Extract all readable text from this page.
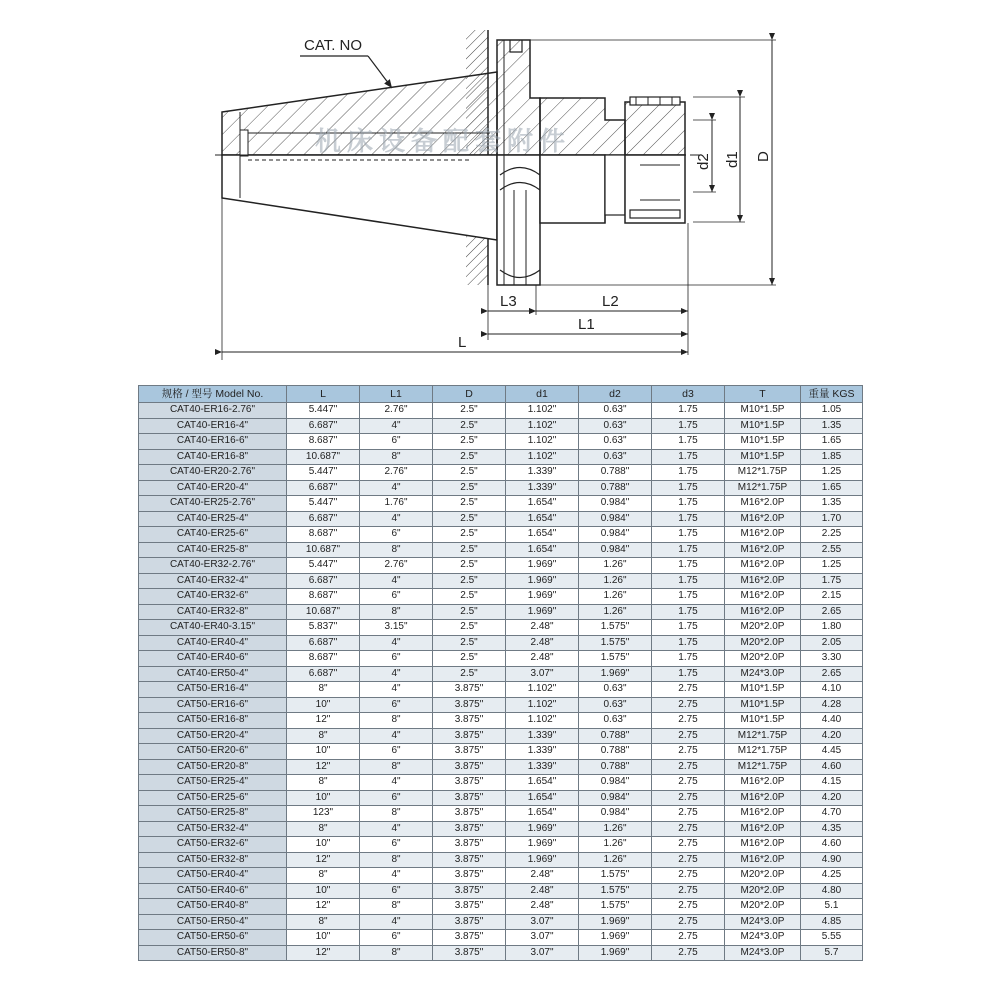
CAT. NO
机床设备配套附件
d2 d1 D
L3	L2
L1
L
规格 / 型号 Model No.	L	L1	D	d1	d2	d3	T	重量 KGS
CAT40-ER16-2.76"	5.447"	2.76"	2.5"	1.102"	0.63"	1.75	M10*1.5P	1.05
CAT40-ER16-4"	6.687"	4"	2.5"	1.102"	0.63"	1.75	M10*1.5P	1.35
CAT40-ER16-6"	8.687"	6"	2.5"	1.102"	0.63"	1.75	M10*1.5P	1.65
CAT40-ER16-8"	10.687"	8"	2.5"	1.102"	0.63"	1.75	M10*1.5P	1.85
CAT40-ER20-2.76"	5.447"	2.76"	2.5"	1.339"	0.788"	1.75	M12*1.75P	1.25
CAT40-ER20-4"	6.687"	4"	2.5"	1.339"	0.788"	1.75	M12*1.75P	1.65
CAT40-ER25-2.76"	5.447"	1.76"	2.5"	1.654"	0.984"	1.75	M16*2.0P	1.35
CAT40-ER25-4"	6.687"	4"	2.5"	1.654"	0.984"	1.75	M16*2.0P	1.70
CAT40-ER25-6"	8.687"	6"	2.5"	1.654"	0.984"	1.75	M16*2.0P	2.25
CAT40-ER25-8"	10.687"	8"	2.5"	1.654"	0.984"	1.75	M16*2.0P	2.55
CAT40-ER32-2.76"	5.447"	2.76"	2.5"	1.969"	1.26"	1.75	M16*2.0P	1.25
CAT40-ER32-4"	6.687"	4"	2.5"	1.969"	1.26"	1.75	M16*2.0P	1.75
CAT40-ER32-6"	8.687"	6"	2.5"	1.969"	1.26"	1.75	M16*2.0P	2.15
CAT40-ER32-8"	10.687"	8"	2.5"	1.969"	1.26"	1.75	M16*2.0P	2.65
CAT40-ER40-3.15"	5.837"	3.15"	2.5"	2.48"	1.575"	1.75	M20*2.0P	1.80
CAT40-ER40-4"	6.687"	4"	2.5"	2.48"	1.575"	1.75	M20*2.0P	2.05
CAT40-ER40-6"	8.687"	6"	2.5"	2.48"	1.575"	1.75	M20*2.0P	3.30
CAT40-ER50-4"	6.687"	4"	2.5"	3.07"	1.969"	1.75	M24*3.0P	2.65
CAT50-ER16-4"	8"	4"	3.875"	1.102"	0.63"	2.75	M10*1.5P	4.10
CAT50-ER16-6"	10"	6"	3.875"	1.102"	0.63"	2.75	M10*1.5P	4.28
CAT50-ER16-8"	12"	8"	3.875"	1.102"	0.63"	2.75	M10*1.5P	4.40
CAT50-ER20-4"	8"	4"	3.875"	1.339"	0.788"	2.75	M12*1.75P	4.20
CAT50-ER20-6"	10"	6"	3.875"	1.339"	0.788"	2.75	M12*1.75P	4.45
CAT50-ER20-8"	12"	8"	3.875"	1.339"	0.788"	2.75	M12*1.75P	4.60
CAT50-ER25-4"	8"	4"	3.875"	1.654"	0.984"	2.75	M16*2.0P	4.15
CAT50-ER25-6"	10"	6"	3.875"	1.654"	0.984"	2.75	M16*2.0P	4.20
CAT50-ER25-8"	123"	8"	3.875"	1.654"	0.984"	2.75	M16*2.0P	4.70
CAT50-ER32-4"	8"	4"	3.875"	1.969"	1.26"	2.75	M16*2.0P	4.35
CAT50-ER32-6"	10"	6"	3.875"	1.969"	1.26"	2.75	M16*2.0P	4.60
CAT50-ER32-8"	12"	8"	3.875"	1.969"	1.26"	2.75	M16*2.0P	4.90
CAT50-ER40-4"	8"	4"	3.875"	2.48"	1.575"	2.75	M20*2.0P	4.25
CAT50-ER40-6"	10"	6"	3.875"	2.48"	1.575"	2.75	M20*2.0P	4.80
CAT50-ER40-8"	12"	8"	3.875"	2.48"	1.575"	2.75	M20*2.0P	5.1
CAT50-ER50-4"	8"	4"	3.875"	3.07"	1.969"	2.75	M24*3.0P	4.85
CAT50-ER50-6"	10"	6"	3.875"	3.07"	1.969"	2.75	M24*3.0P	5.55
CAT50-ER50-8"	12"	8"	3.875"	3.07"	1.969"	2.75	M24*3.0P	5.7
